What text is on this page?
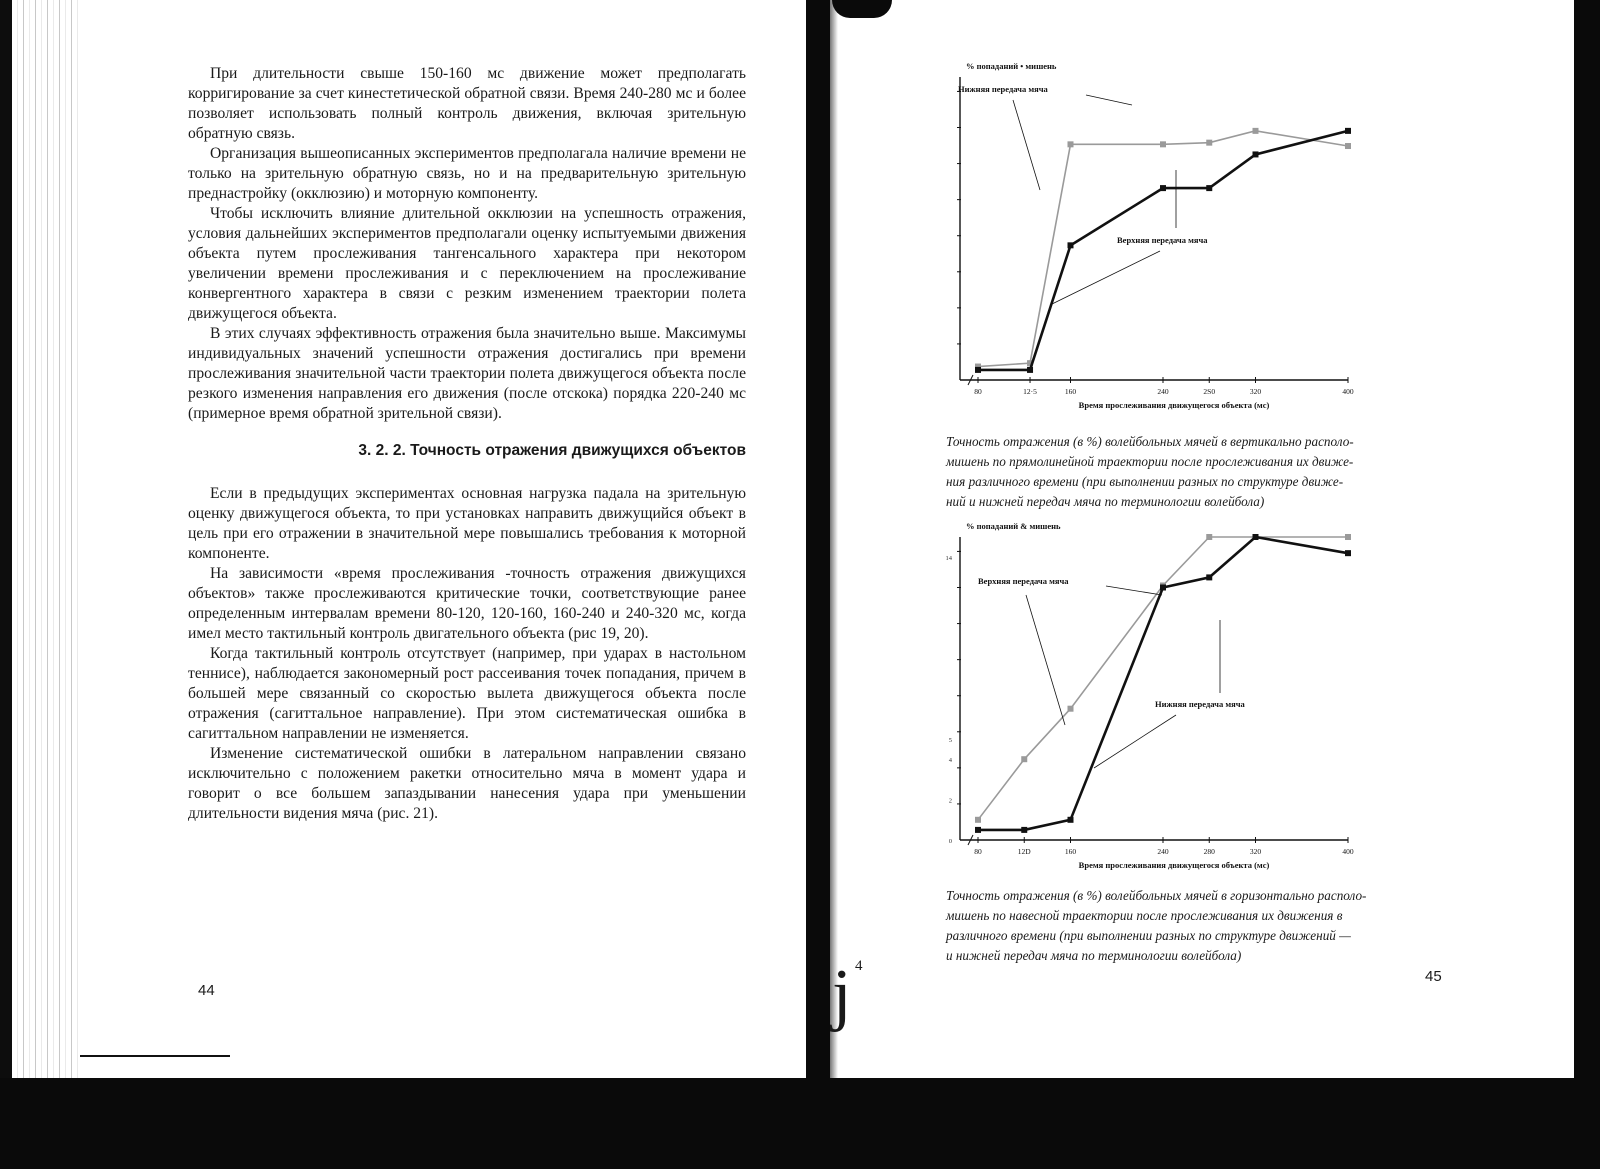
При длительности свыше 150-160 мс движение может предполагать корригирование за счет кинестетической обратной связи. Время 240-280 мс и более позволяет использовать полный контроль движения, включая зрительную обратную связь.

Организация вышеописанных экспериментов предполагала наличие времени не только на зрительную обратную связь, но и на предварительную зрительную преднастройку (окклюзию) и моторную компоненту.

Чтобы исключить влияние длительной окклюзии на успешность отражения, условия дальнейших экспериментов предполагали оценку испытуемыми движения объекта путем прослеживания тангенсального характера при некотором увеличении времени прослеживания и с переключением на прослеживание конвергентного характера в связи с резким изменением траектории полета движущегося объекта.

В этих случаях эффективность отражения была значительно выше. Максимумы индивидуальных значений успешности отражения достигались при времени прослеживания значительной части траектории полета движущегося объекта после резкого изменения направления его движения (после отскока) порядка 220-240 мс (примерное время обратной зрительной связи).

3. 2. 2. Точность отражения движущихся объектов

Если в предыдущих экспериментах основная нагрузка падала на зрительную оценку движущегося объекта, то при установках направить движущийся объект в цель при его отражении в значительной мере повышались требования к моторной компоненте.

На зависимости «время прослеживания -точность отражения движущихся объектов» также прослеживаются критические точки, соответствующие ранее определенным интервалам времени 80-120, 120-160, 160-240 и 240-320 мс, когда имел место тактильный контроль двигательного объекта (рис 19, 20).

Когда тактильный контроль отсутствует (например, при ударах в настольном теннисе), наблюдается закономерный рост рассеивания точек попадания, причем в большей мере связанный со скоростью вылета движущегося объекта после отражения (сагиттальное направление). При этом систематическая ошибка в сагиттальном направлении не изменяется.

Изменение систематической ошибки в латеральном направлении связано исключительно с положением ракетки относительно мяча в момент удара и говорит о все большем запаздывании нанесения удара при уменьшении длительности видения мяча (рис. 21).

44
% попаданий • мишень
80	12·5	160	240	2S0	320	400
Время прослеживания движущегося объекта (мс)
Нижняя передача мяча
Верхняя передача мяча
Точность отражения (в %) волейбольных мячей в вертикально располо-
мишень по прямолинейной траектории после прослеживания их движе-
ния различного времени (при выполнении разных по структуре движе-
ний и нижней передач мяча по терминологии волейбола)
% попаданий & мишень
80	12D	160	240	280	320	400
0
2
4
5
14
Время прослеживания движущегося объекта (мс)
Верхняя передача мяча
Нижняя передача мяча
Точность отражения (в %) волейбольных мячей в горизонтально располо-
мишень по навесной траектории после прослеживания их движения в
различного времени (при выполнении разных по структуре движений —
и нижней передач мяча по терминологии волейбола)
45
4
j
